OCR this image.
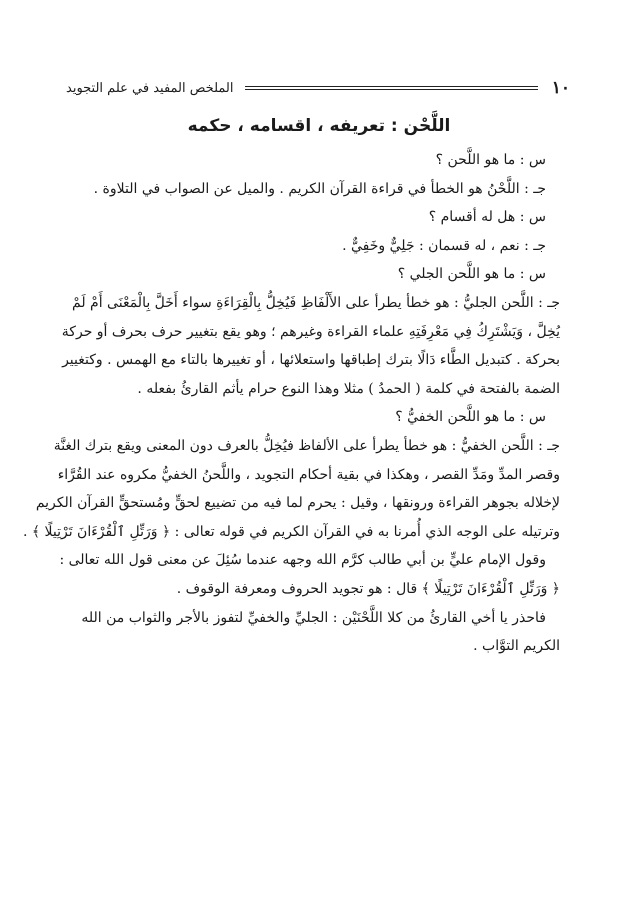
١٠
الملخص المفيد في علم التجويد
اللَّحْن : تعريفه ، اقسامه ، حكمه
س : ما هو اللَّحن ؟
جـ : اللَّحْنُ هو الخطأ في قراءة القرآن الكريم . والميل عن الصواب في التلاوة .
س : هل له أقسام ؟
جـ : نعم ، له قسمان : جَلِيٌّ وخَفِيٌّ .
س : ما هو اللَّحن الجلي ؟
جـ : اللَّحن الجليُّ : هو خطأ يطرأ على الأَلْفَاظِ فَيُخِلُّ بِالْقِرَاءَةِ سواء أَخَلَّ بِالْمَعْنَى أَمْ لَمْ
يُخِلَّ ، وَيَشْتَرِكُ فِي مَعْرِفَتِهِ علماء القراءة وغيرهم ؛ وهو يقع بتغيير حرف بحرف أو حركة
بحركة . كتبديل الطَّاء دَالًا بترك إطباقها واستعلائها ، أو تغييرها بالتاء مع الهمس . وكتغيير
الضمة بالفتحة في كلمة ( الحمدُ ) مثلا وهذا النوع حرام يأثم القارئُ بفعله .
س : ما هو اللَّحن الخفيُّ ؟
جـ : اللَّحن الخفيُّ : هو خطأ يطرأ على الألفاظ فيُخِلُّ بالعرف دون المعنى ويقع بترك الغنَّة
وقصر المدِّ ومَدِّ القصر ، وهكذا في بقية أحكام التجويد ، واللَّحنُ الخفيُّ مكروه عند القُرَّاء
لإخلاله بجوهر القراءة ورونقها ، وقيل : يحرم لما فيه من تضييع لحقٍّ ومُستحقٍّ القرآن الكريم
وترتيله على الوجه الذي أُمرنا به في القرآن الكريم في قوله تعالى : ﴿ وَرَتِّلِ ٱلْقُرْءَانَ تَرْتِيلًا ﴾ .
وقول الإمام عليٍّ بن أبي طالب كرَّم الله وجهه عندما سُئِلَ عن معنى قول الله تعالى :
﴿ وَرَتِّلِ ٱلْقُرْءَانَ تَرْتِيلًا ﴾ قال : هو تجويد الحروف ومعرفة الوقوف .
فاحذر يا أخي القارئُ من كلا اللَّحْنَيْن : الجليِّ والخفيِّ لتفوز بالأجر والثواب من الله
الكريم التوَّاب .
